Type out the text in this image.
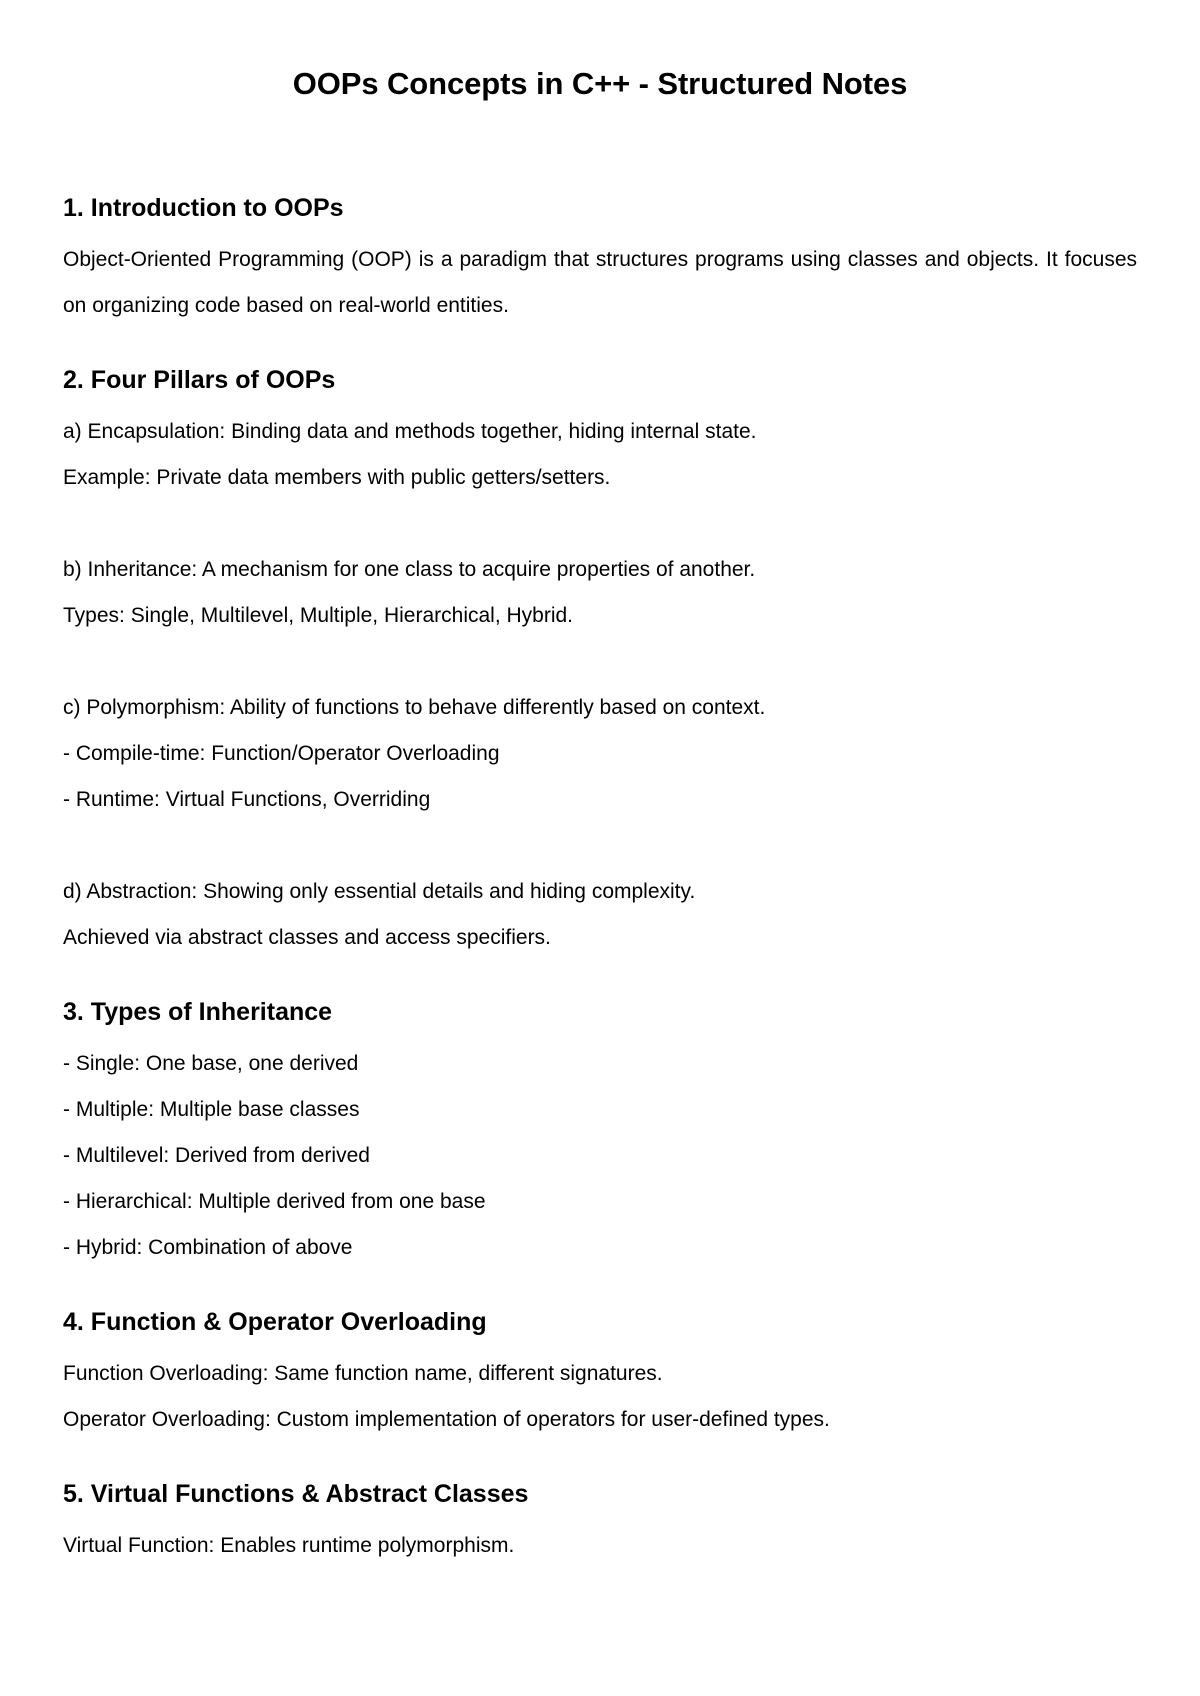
OOPs Concepts in C++ - Structured Notes
1. Introduction to OOPs

Object-Oriented Programming (OOP) is a paradigm that structures programs using classes and objects. It focuses on organizing code based on real-world entities.

2. Four Pillars of OOPs
a) Encapsulation: Binding data and methods together, hiding internal state.
Example: Private data members with public getters/setters.
b) Inheritance: A mechanism for one class to acquire properties of another.
Types: Single, Multilevel, Multiple, Hierarchical, Hybrid.
c) Polymorphism: Ability of functions to behave differently based on context.
- Compile-time: Function/Operator Overloading
- Runtime: Virtual Functions, Overriding
d) Abstraction: Showing only essential details and hiding complexity.
Achieved via abstract classes and access specifiers.
3. Types of Inheritance
- Single: One base, one derived
- Multiple: Multiple base classes
- Multilevel: Derived from derived
- Hierarchical: Multiple derived from one base
- Hybrid: Combination of above
4. Function & Operator Overloading
Function Overloading: Same function name, different signatures.
Operator Overloading: Custom implementation of operators for user-defined types.
5. Virtual Functions & Abstract Classes
Virtual Function: Enables runtime polymorphism.
